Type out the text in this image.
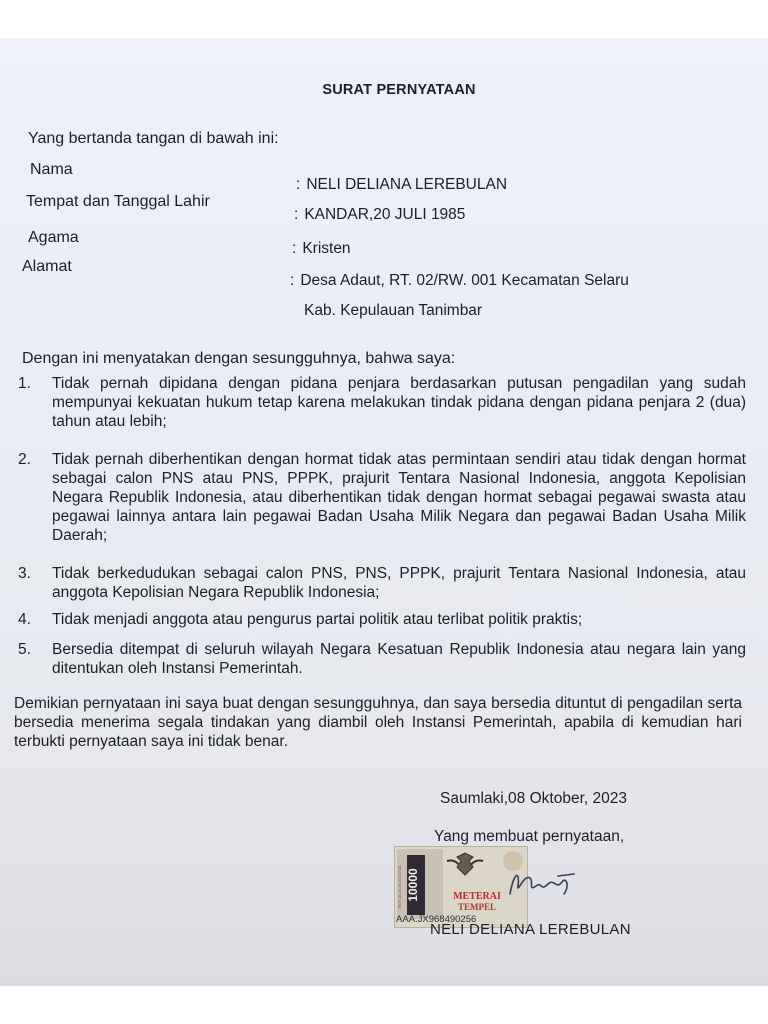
SURAT PERNYATAAN
Yang bertanda tangan di bawah ini:
Nama
: NELI DELIANA LEREBULAN
Tempat dan Tanggal Lahir
: KANDAR,20 JULI 1985
Agama
: Kristen
Alamat
: Desa Adaut, RT. 02/RW. 001 Kecamatan Selaru
Kab. Kepulauan Tanimbar
Dengan ini menyatakan dengan sesungguhnya, bahwa saya:
1. Tidak pernah dipidana dengan pidana penjara berdasarkan putusan pengadilan yang sudah mempunyai kekuatan hukum tetap karena melakukan tindak pidana dengan pidana penjara 2 (dua) tahun atau lebih;
2. Tidak pernah diberhentikan dengan hormat tidak atas permintaan sendiri atau tidak dengan hormat sebagai calon PNS atau PNS, PPPK, prajurit Tentara Nasional Indonesia, anggota Kepolisian Negara Republik Indonesia, atau diberhentikan tidak dengan hormat sebagai pegawai swasta atau pegawai lainnya antara lain pegawai Badan Usaha Milik Negara dan pegawai Badan Usaha Milik Daerah;
3. Tidak berkedudukan sebagai calon PNS, PNS, PPPK, prajurit Tentara Nasional Indonesia, atau anggota Kepolisian Negara Republik Indonesia;
4. Tidak menjadi anggota atau pengurus partai politik atau terlibat politik praktis;
5. Bersedia ditempat di seluruh wilayah Negara Kesatuan Republik Indonesia atau negara lain yang ditentukan oleh Instansi Pemerintah.
Demikian pernyataan ini saya buat dengan sesungguhnya, dan saya bersedia dituntut di pengadilan serta bersedia menerima segala tindakan yang diambil oleh Instansi Pemerintah, apabila di kemudian hari terbukti pernyataan saya ini tidak benar.
Saumlaki,08 Oktober, 2023
Yang membuat pernyataan,
10000
REPUBLIK INDONESIA	METERAI
TEMPEL
AAA.JX968490256
NELI DELIANA LEREBULAN
